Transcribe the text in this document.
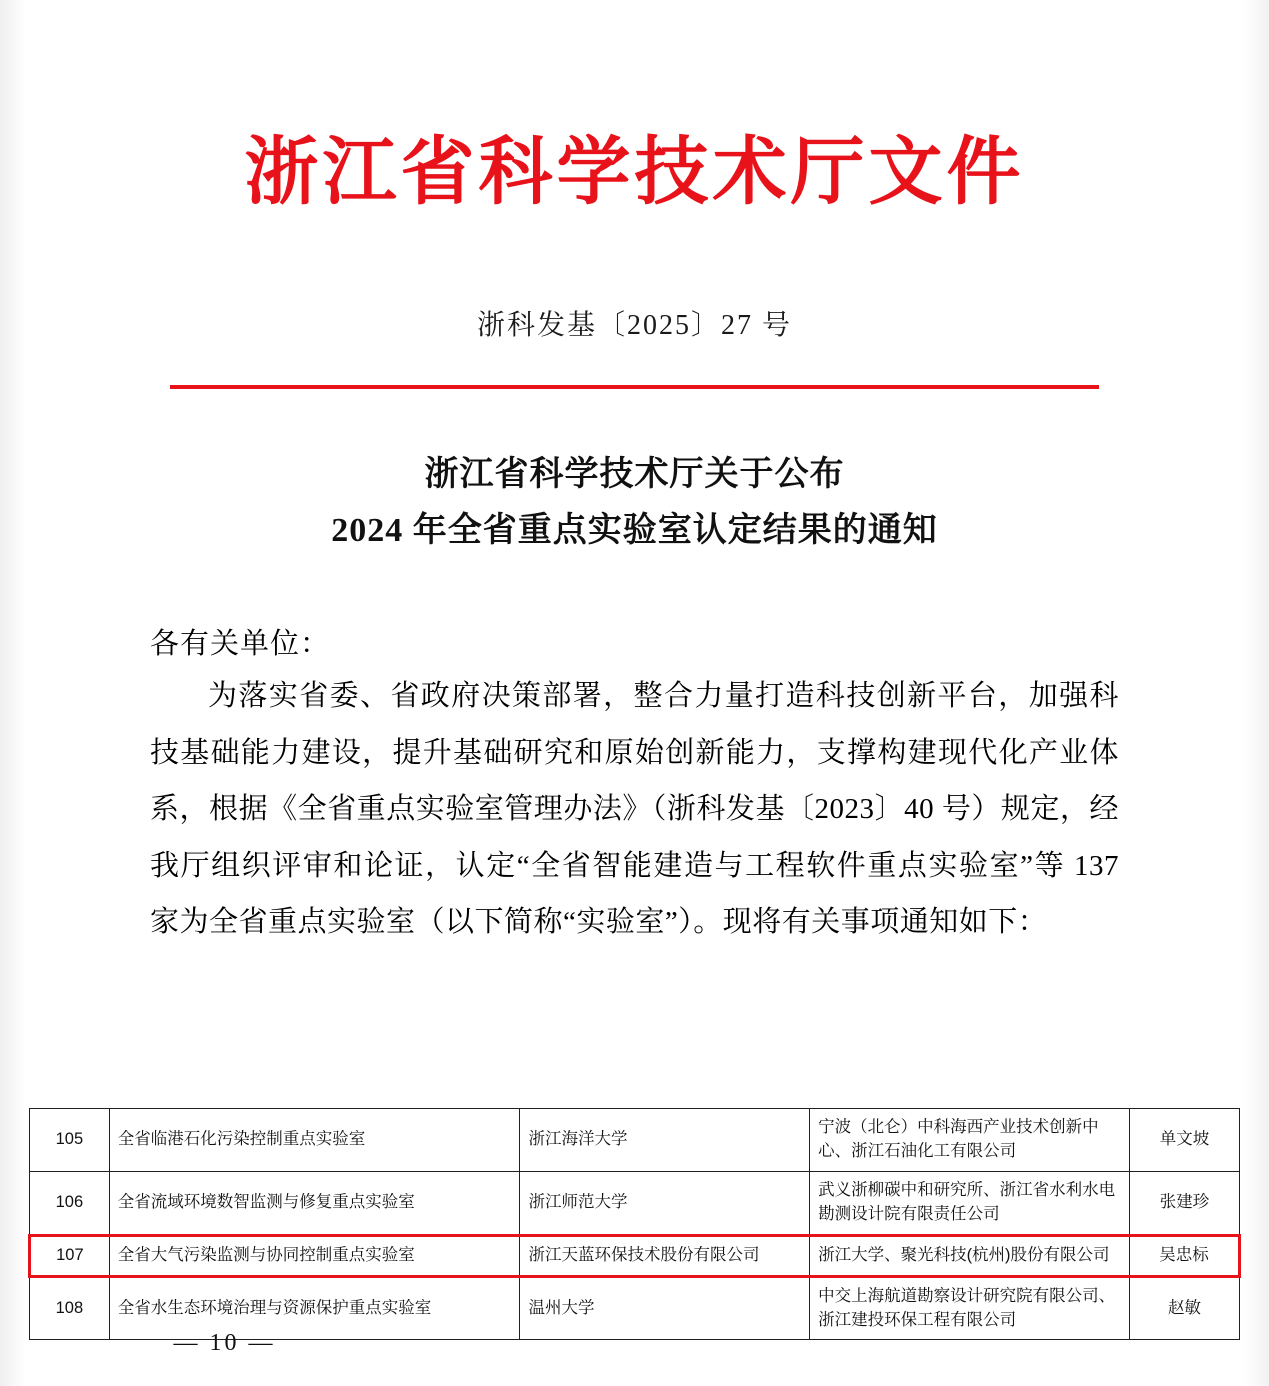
浙江省科学技术厅文件
浙科发基〔2025〕27 号
浙江省科学技术厅关于公布
2024 年全省重点实验室认定结果的通知
各有关单位：
为落实省委、省政府决策部署，整合力量打造科技创新平台，加强科技基础能力建设，提升基础研究和原始创新能力，支撑构建现代化产业体系，根据《全省重点实验室管理办法》（浙科发基〔2023〕40 号）规定，经我厅组织评审和论证，认定“全省智能建造与工程软件重点实验室”等 137 家为全省重点实验室（以下简称“实验室”）。现将有关事项通知如下：
105	全省临港石化污染控制重点实验室	浙江海洋大学	宁波（北仑）中科海西产业技术创新中心、浙江石油化工有限公司	单文坡
106	全省流域环境数智监测与修复重点实验室	浙江师范大学	武义浙柳碳中和研究所、浙江省水利水电勘测设计院有限责任公司	张建珍
107	全省大气污染监测与协同控制重点实验室	浙江天蓝环保技术股份有限公司	浙江大学、聚光科技(杭州)股份有限公司	吴忠标
108	全省水生态环境治理与资源保护重点实验室	温州大学	中交上海航道勘察设计研究院有限公司、浙江建投环保工程有限公司	赵敏
— 10 —
